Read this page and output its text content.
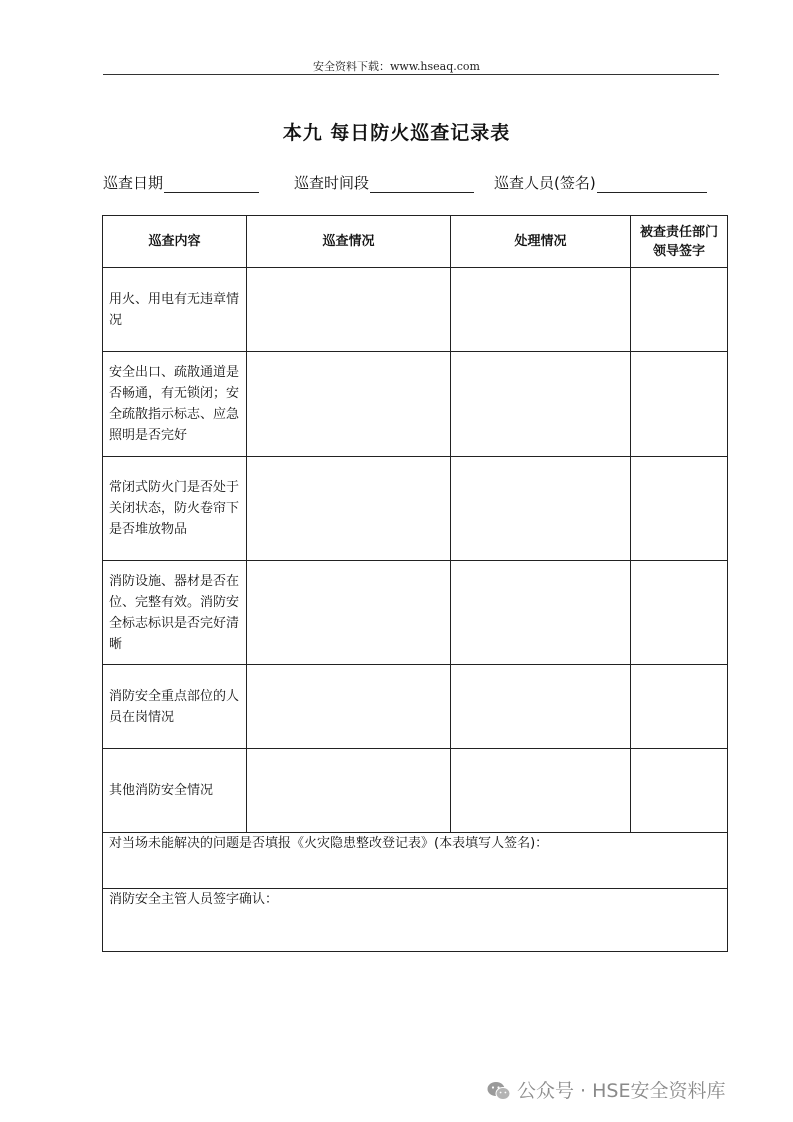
安全资料下载：www.hseaq.com
本九 每日防火巡查记录表
巡查日期	巡查时间段	巡查人员(签名)
巡查内容	巡查情况	处理情况	被查责任部门领导签字
用火、用电有无违章情况			
安全出口、疏散通道是否畅通，有无锁闭；安全疏散指示标志、应急照明是否完好			
常闭式防火门是否处于关闭状态，防火卷帘下是否堆放物品			
消防设施、器材是否在位、完整有效。消防安全标志标识是否完好清晰			
消防安全重点部位的人员在岗情况			
其他消防安全情况			
对当场未能解决的问题是否填报《火灾隐患整改登记表》(本表填写人签名)：			
消防安全主管人员签字确认：			
公众号 · HSE安全资料库
